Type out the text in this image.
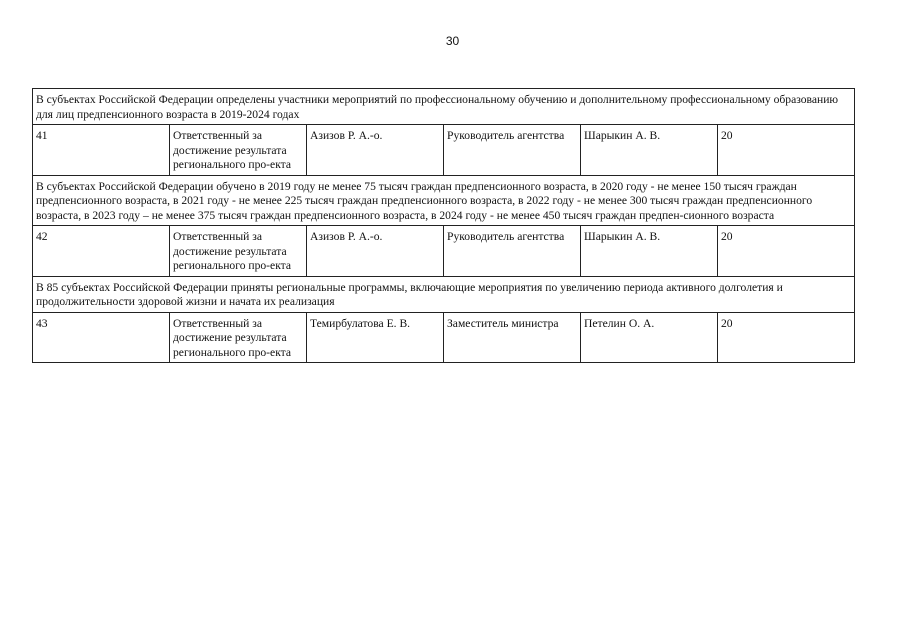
30
В субъектах Российской Федерации определены участники мероприятий по профессиональному обучению и дополнительному профессиональному образованию для лиц предпенсионного возраста в 2019-2024 годах					
41	Ответственный за достижение результата регионального про-екта	Азизов Р. А.-о.	Руководитель агентства	Шарыкин А. В.	20
В субъектах Российской Федерации обучено в 2019 году не менее 75 тысяч граждан предпенсионного возраста, в 2020 году - не менее 150 тысяч граждан предпенсионного возраста, в 2021 году - не менее 225 тысяч граждан предпенсионного возраста, в 2022 году - не менее 300 тысяч граждан предпенсионного возраста, в 2023 году – не менее 375 тысяч граждан предпенсионного возраста, в 2024 году - не менее 450 тысяч граждан предпен-сионного возраста					
42	Ответственный за достижение результата регионального про-екта	Азизов Р. А.-о.	Руководитель агентства	Шарыкин А. В.	20
В 85 субъектах Российской Федерации приняты региональные программы, включающие мероприятия по увеличению периода активного долголетия и продолжительности здоровой жизни и начата их реализация					
43	Ответственный за достижение результата регионального про-екта	Темирбулатова Е. В.	Заместитель министра	Петелин О. А.	20
